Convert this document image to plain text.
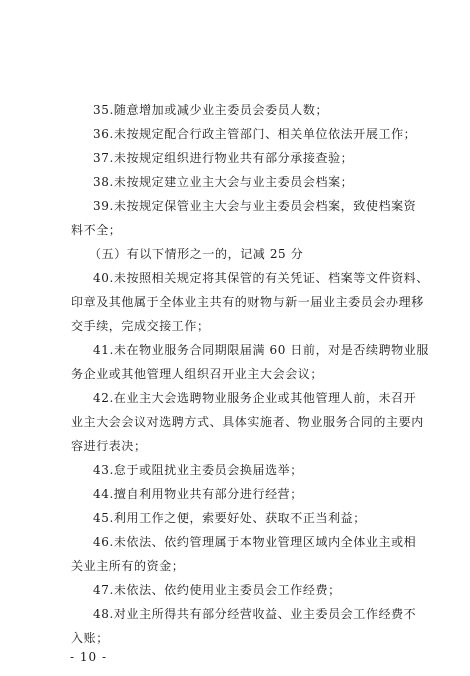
35.随意增加或减少业主委员会委员人数；
36.未按规定配合行政主管部门、相关单位依法开展工作；
37.未按规定组织进行物业共有部分承接查验；
38.未按规定建立业主大会与业主委员会档案；
39.未按规定保管业主大会与业主委员会档案，致使档案资
料不全；
（五）有以下情形之一的，记减 25 分
40.未按照相关规定将其保管的有关凭证、档案等文件资料、
印章及其他属于全体业主共有的财物与新一届业主委员会办理移
交手续，完成交接工作；
41.未在物业服务合同期限届满 60 日前，对是否续聘物业服
务企业或其他管理人组织召开业主大会会议；
42.在业主大会选聘物业服务企业或其他管理人前，未召开
业主大会会议对选聘方式、具体实施者、物业服务合同的主要内
容进行表决；
43.怠于或阻扰业主委员会换届选举；
44.擅自利用物业共有部分进行经营；
45.利用工作之便，索要好处、获取不正当利益；
46.未依法、依约管理属于本物业管理区域内全体业主或相
关业主所有的资金；
47.未依法、依约使用业主委员会工作经费；
48.对业主所得共有部分经营收益、业主委员会工作经费不
入账；
- 10 -
